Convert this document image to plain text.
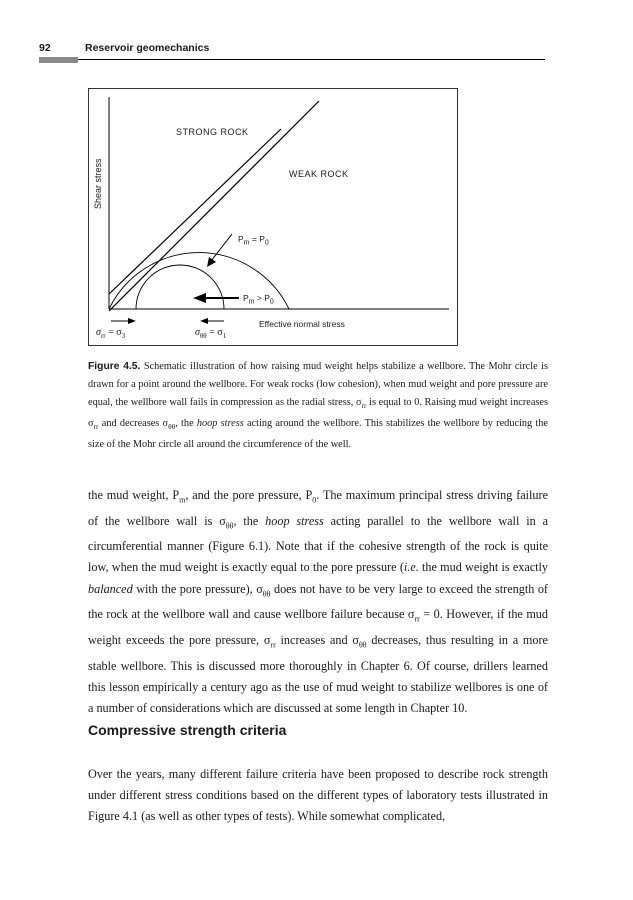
92	Reservoir geomechanics
STRONG ROCK
WEAK ROCK
Shear stress
Effective normal stress
$P_m = P_0$
$P_m > P_0$
$\sigma_{rr} = \sigma_3$	$\sigma_{\theta\theta} = \sigma_1$
Figure 4.5. Schematic illustration of how raising mud weight helps stabilize a wellbore. The Mohr circle is drawn for a point around the wellbore. For weak rocks (low cohesion), when mud weight and pore pressure are equal, the wellbore wall fails in compression as the radial stress, $\sigma_{rr}$ is equal to 0. Raising mud weight increases $\sigma_{rr}$ and decreases $\sigma_{\theta\theta}$, the hoop stress acting around the wellbore. This stabilizes the wellbore by reducing the size of the Mohr circle all around the circumference of the well.
the mud weight, $P_m$, and the pore pressure, $P_0$. The maximum principal stress driving failure of the wellbore wall is $\sigma_{\theta\theta}$, the hoop stress acting parallel to the wellbore wall in a circumferential manner (Figure 6.1). Note that if the cohesive strength of the rock is quite low, when the mud weight is exactly equal to the pore pressure (i.e. the mud weight is exactly balanced with the pore pressure), $\sigma_{\theta\theta}$ does not have to be very large to exceed the strength of the rock at the wellbore wall and cause wellbore failure because $\sigma_{rr} = 0$. However, if the mud weight exceeds the pore pressure, $\sigma_{rr}$ increases and $\sigma_{\theta\theta}$ decreases, thus resulting in a more stable wellbore. This is discussed more thoroughly in Chapter 6. Of course, drillers learned this lesson empirically a century ago as the use of mud weight to stabilize wellbores is one of a number of considerations which are discussed at some length in Chapter 10.
Compressive strength criteria
Over the years, many different failure criteria have been proposed to describe rock strength under different stress conditions based on the different types of laboratory tests illustrated in Figure 4.1 (as well as other types of tests). While somewhat complicated,
